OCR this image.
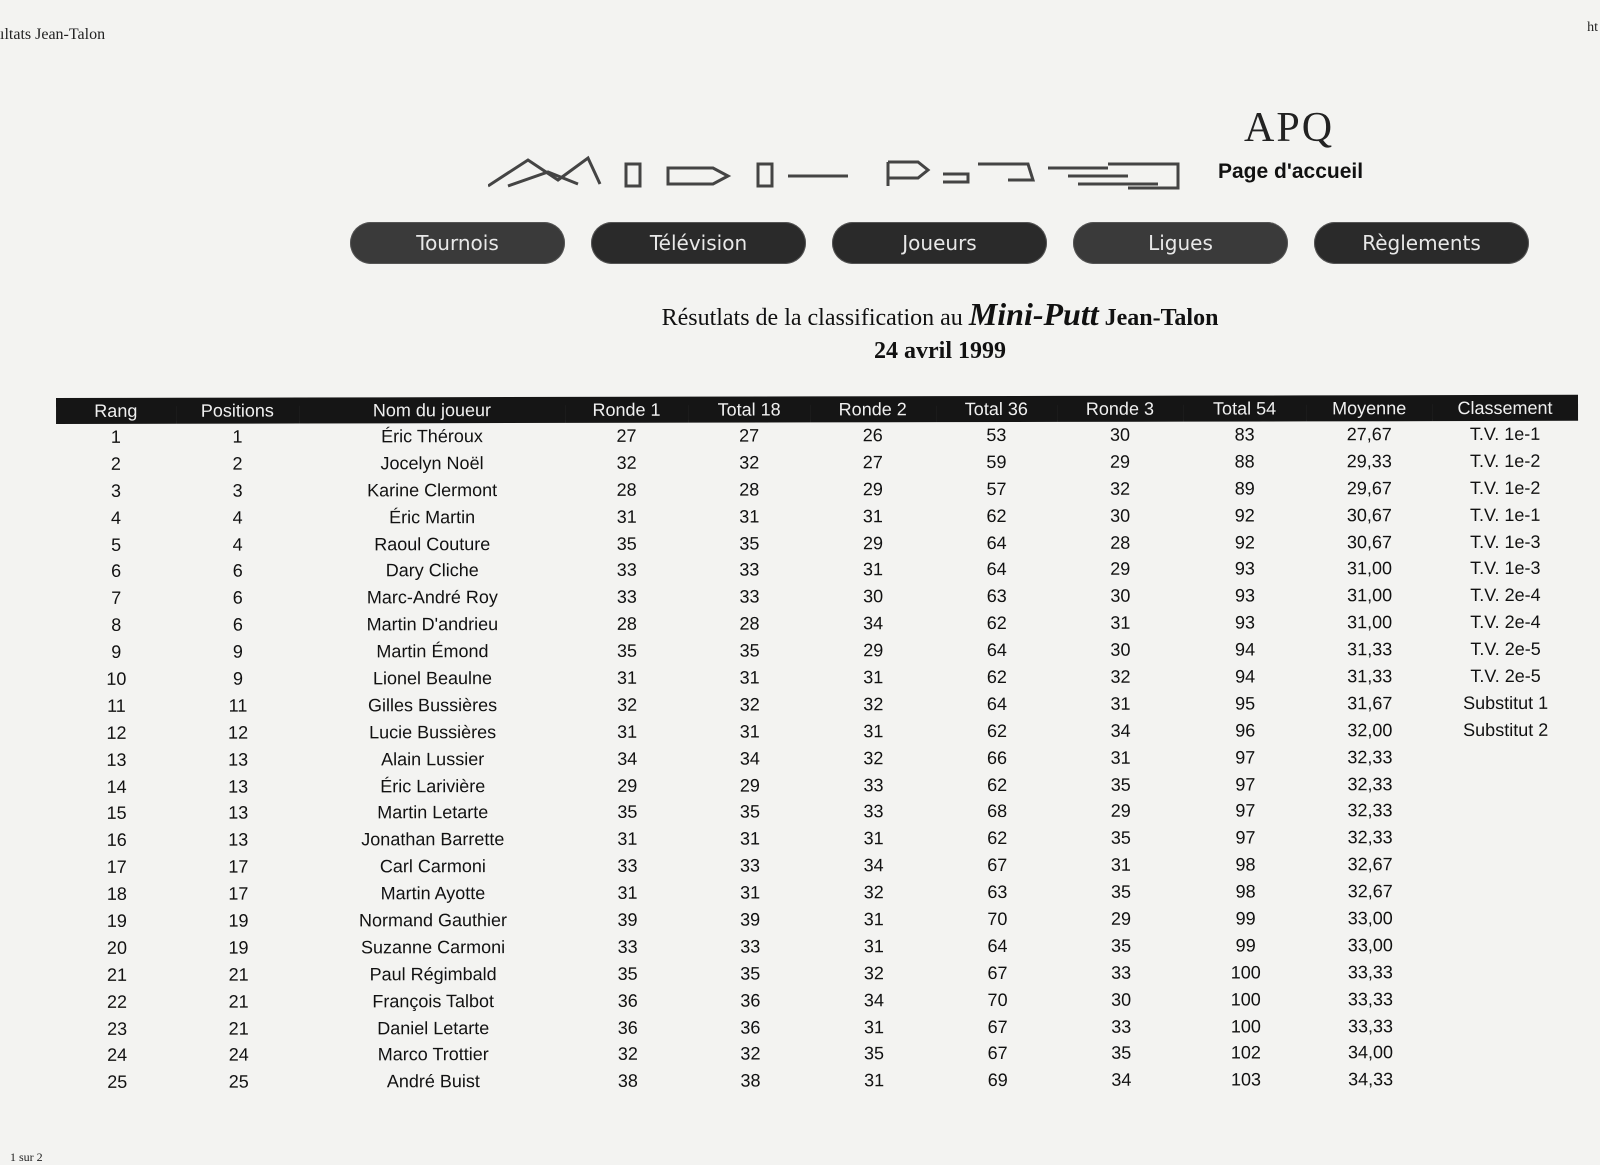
ıltats Jean-Talon	ht
APQ
Page d'accueil
Tournois	Télévision	Joueurs	Ligues	Règlements
Résutlats de la classification au Mini-Putt Jean-Talon
24 avril 1999
Rang	Positions	Nom du joueur	Ronde 1	Total 18	Ronde 2	Total 36	Ronde 3	Total 54	Moyenne	Classement
1	1	Éric Théroux	27	27	26	53	30	83	27,67	T.V. 1e-1
2	2	Jocelyn Noël	32	32	27	59	29	88	29,33	T.V. 1e-2
3	3	Karine Clermont	28	28	29	57	32	89	29,67	T.V. 1e-2
4	4	Éric Martin	31	31	31	62	30	92	30,67	T.V. 1e-1
5	4	Raoul Couture	35	35	29	64	28	92	30,67	T.V. 1e-3
6	6	Dary Cliche	33	33	31	64	29	93	31,00	T.V. 1e-3
7	6	Marc-André Roy	33	33	30	63	30	93	31,00	T.V. 2e-4
8	6	Martin D'andrieu	28	28	34	62	31	93	31,00	T.V. 2e-4
9	9	Martin Émond	35	35	29	64	30	94	31,33	T.V. 2e-5
10	9	Lionel Beaulne	31	31	31	62	32	94	31,33	T.V. 2e-5
11	11	Gilles Bussières	32	32	32	64	31	95	31,67	Substitut 1
12	12	Lucie Bussières	31	31	31	62	34	96	32,00	Substitut 2
13	13	Alain Lussier	34	34	32	66	31	97	32,33	
14	13	Éric Larivière	29	29	33	62	35	97	32,33	
15	13	Martin Letarte	35	35	33	68	29	97	32,33	
16	13	Jonathan Barrette	31	31	31	62	35	97	32,33	
17	17	Carl Carmoni	33	33	34	67	31	98	32,67	
18	17	Martin Ayotte	31	31	32	63	35	98	32,67	
19	19	Normand Gauthier	39	39	31	70	29	99	33,00	
20	19	Suzanne Carmoni	33	33	31	64	35	99	33,00	
21	21	Paul Régimbald	35	35	32	67	33	100	33,33	
22	21	François Talbot	36	36	34	70	30	100	33,33	
23	21	Daniel Letarte	36	36	31	67	33	100	33,33	
24	24	Marco Trottier	32	32	35	67	35	102	34,00	
25	25	André Buist	38	38	31	69	34	103	34,33	
1 sur 2
